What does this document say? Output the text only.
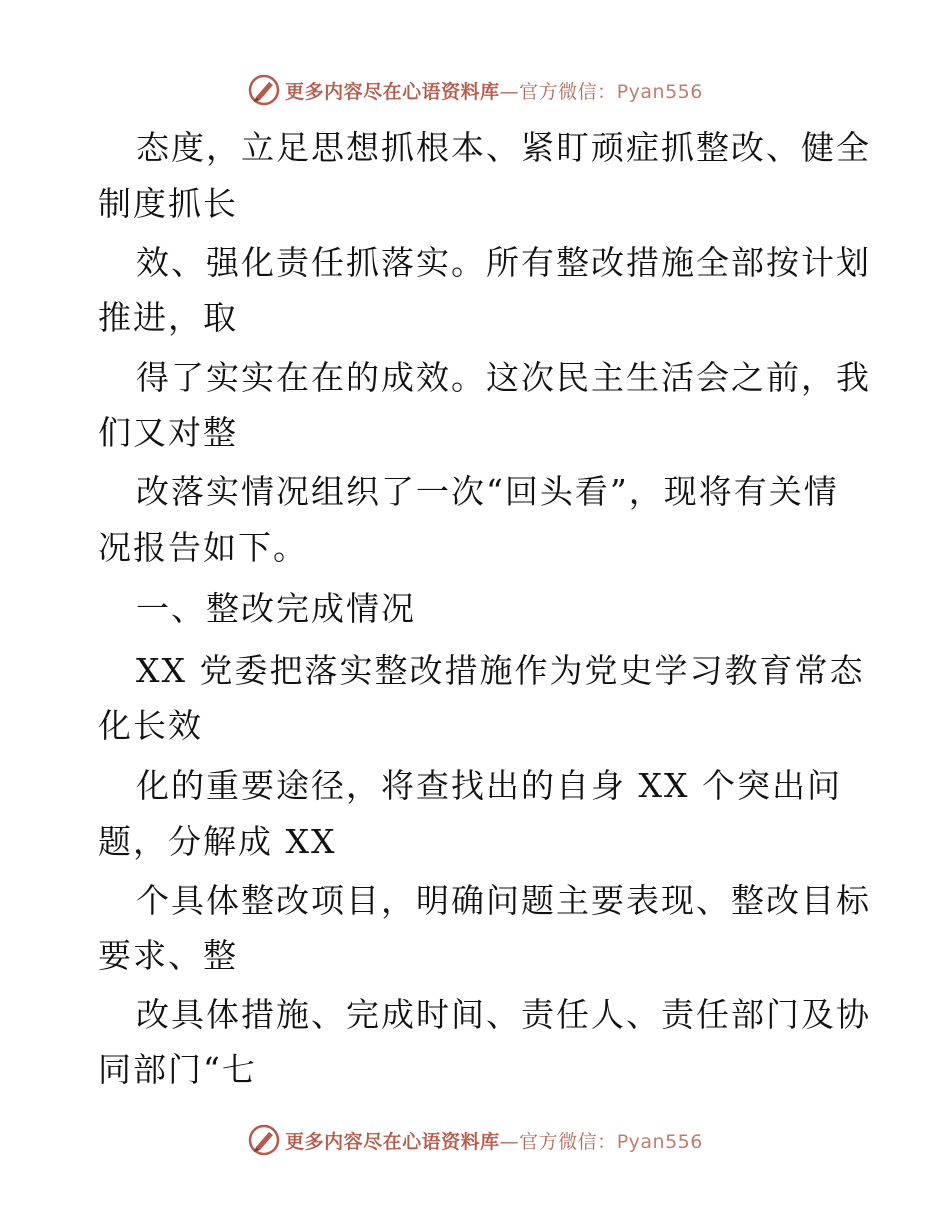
更多内容尽在心语资料库—官方微信：Pyan556
态度，立足思想抓根本、紧盯顽症抓整改、健全
制度抓长
效、强化责任抓落实。所有整改措施全部按计划
推进，取
得了实实在在的成效。这次民主生活会之前，我
们又对整
改落实情况组织了一次“回头看”，现将有关情
况报告如下。
一、整改完成情况
XX 党委把落实整改措施作为党史学习教育常态
化长效
化的重要途径，将查找出的自身 XX 个突出问
题，分解成 XX
个具体整改项目，明确问题主要表现、整改目标
要求、整
改具体措施、完成时间、责任人、责任部门及协
同部门“七
更多内容尽在心语资料库—官方微信：Pyan556
